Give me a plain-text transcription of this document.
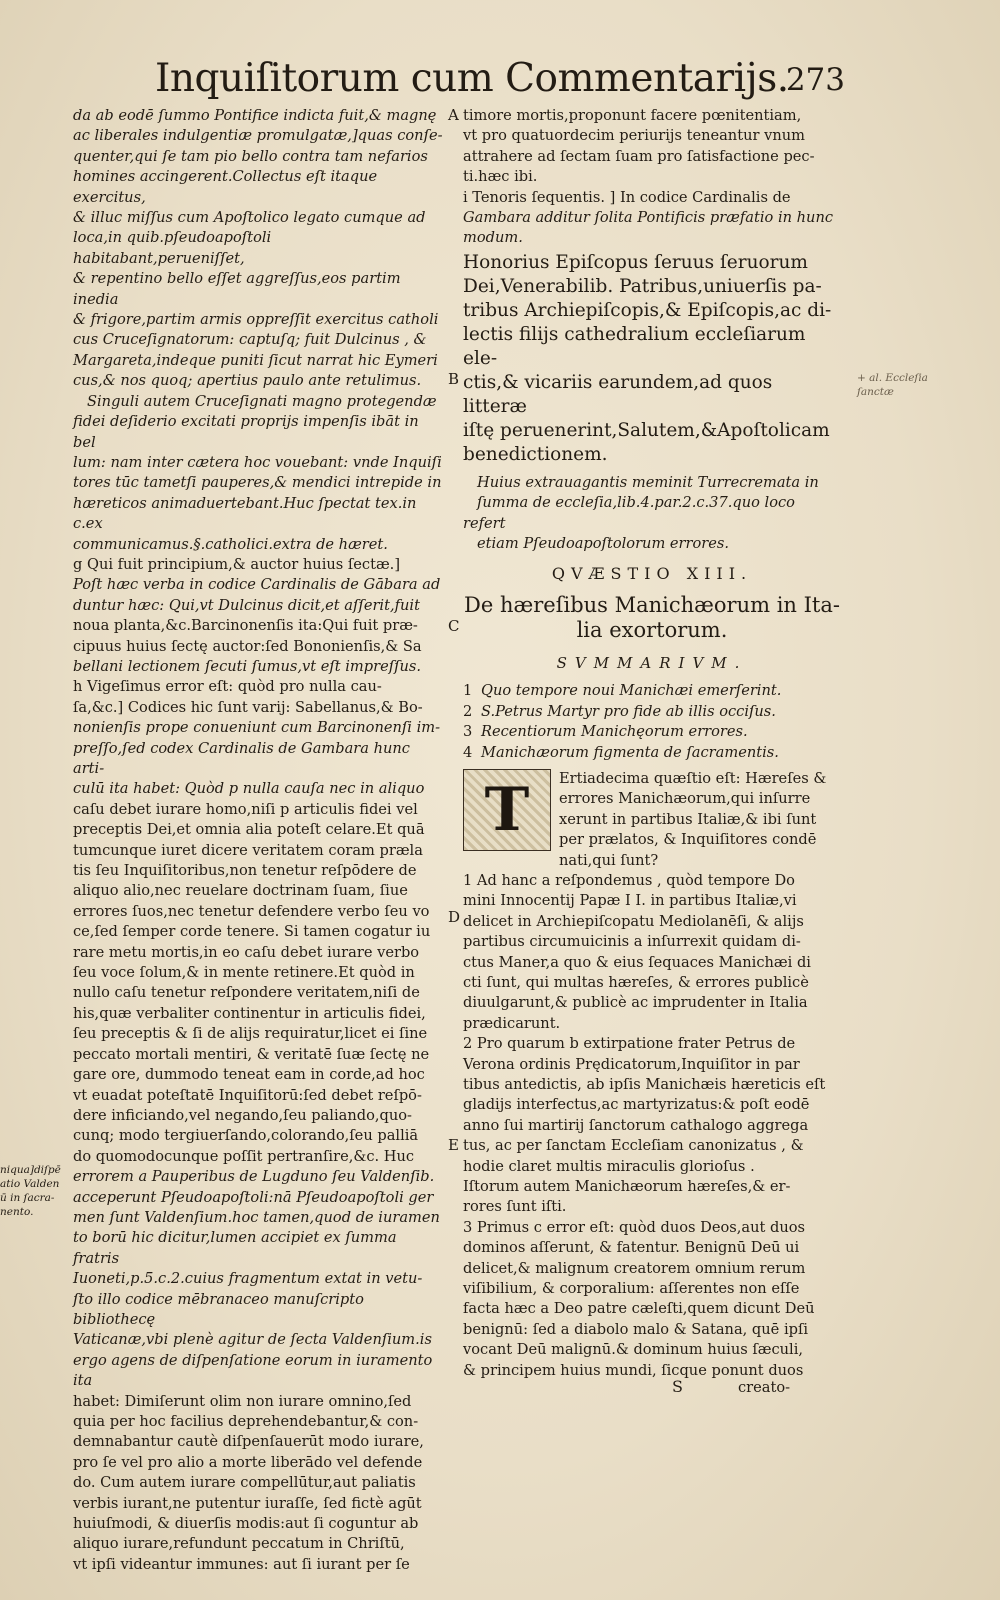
Inquiſitorum cum Commentarijs.
273

da ab eodē ſummo Pontifice indicta fuit,& magnę

ac liberales indulgentiæ promulgatæ,]quas conſe-

quenter,qui ſe tam pio bello contra tam nefarios

homines accingerent.Collectus eſt itaque exercitus,

& illuc miſſus cum Apoſtolico legato cumque ad

loca,in quib.pſeudoapoſtoli habitabant,perueniſſet,

& repentino bello eſſet aggreſſus,eos partim inedia

& frigore,partim armis oppreſſit exercitus catholi

cus Cruceſignatorum: captuſq; fuit Dulcinus , &

Margareta,indeque puniti ſicut narrat hic Eymeri

cus,& nos quoq; apertius paulo ante retulimus.

Singuli autem Cruceſignati magno protegendæ

fidei deſiderio excitati proprijs impenſis ibāt in bel

lum: nam inter cætera hoc vouebant: vnde Inquiſi

tores tūc tametſi pauperes,& mendici intrepide in

hæreticos animaduertebant.Huc ſpectat tex.in c.ex

communicamus.§.catholici.extra de hæret.

g Qui fuit principium,& auctor huius ſectæ.]

Poſt hæc verba in codice Cardinalis de Gābara ad

duntur hæc: Qui,vt Dulcinus dicit,et aſſerit,fuit

noua planta,&c.Barcinonenſis ita:Qui fuit præ-

cipuus huius ſectę auctor:ſed Bononienſis,& Sa

bellani lectionem ſecuti ſumus,vt eſt impreſſus.

h Vigeſimus error eſt: quòd pro nulla cau-

ſa,&c.] Codices hic ſunt varij: Sabellanus,& Bo-

nonienſis prope conueniunt cum Barcinonenſi im-

preſſo,ſed codex Cardinalis de Gambara hunc arti-

culū ita habet: Quòd p nulla cauſa nec in aliquo

caſu debet iurare homo,niſi p articulis fidei vel

preceptis Dei,et omnia alia poteſt celare.Et quā

tumcunque iuret dicere veritatem coram præla

tis ſeu Inquiſitoribus,non tenetur reſpōdere de

aliquo alio,nec reuelare doctrinam ſuam, ſiue

errores ſuos,nec tenetur defendere verbo ſeu vo

ce,ſed ſemper corde tenere. Si tamen cogatur iu

rare metu mortis,in eo caſu debet iurare verbo

ſeu voce ſolum,& in mente retinere.Et quòd in

nullo caſu tenetur reſpondere veritatem,niſi de

his,quæ verbaliter continentur in articulis fidei,

ſeu preceptis & ſi de alijs requiratur,licet ei ſine

peccato mortali mentiri, & veritatē ſuæ ſectę ne

gare ore, dummodo teneat eam in corde,ad hoc

vt euadat poteſtatē Inquiſitorū:ſed debet reſpō-

dere inficiando,vel negando,ſeu paliando,quo-

cunq; modo tergiuerſando,colorando,ſeu palliā

do quomodocunque poſſit pertranſire,&c. Huc

errorem a Pauperibus de Lugduno ſeu Valdenſib.

acceperunt Pſeudoapoſtoli:nā Pſeudoapoſtoli ger

men ſunt Valdenſium.hoc tamen,quod de iuramen

to borū hic dicitur,lumen accipiet ex ſumma fratris

Iuoneti,p.5.c.2.cuius fragmentum extat in vetu-

ſto illo codice mēbranaceo manuſcripto bibliothecę

Vaticanæ,vbi plenè agitur de ſecta Valdenſium.is

ergo agens de diſpenſatione eorum in iuramento ita

habet: Dimiſerunt olim non iurare omnino,ſed

quia per hoc facilius deprehendebantur,& con-

demnabantur cautè diſpenſauerūt modo iurare,

pro ſe vel pro alio a morte liberādo vel defende

do. Cum autem iurare compellūtur,aut paliatis

verbis iurant,ne putentur iuraſſe, ſed fictè agūt

huiuſmodi, & diuerſis modis:aut ſi coguntur ab

aliquo iurare,refundunt peccatum in Chriſtū,

vt ipſi videantur immunes: aut ſi iurant per ſe

timore mortis,proponunt facere pœnitentiam,

vt pro quatuordecim periurijs teneantur vnum

attrahere ad ſectam ſuam pro ſatisfactione pec-

ti.hæc ibi.

i Tenoris ſequentis. ] In codice Cardinalis de

Gambara additur ſolita Pontificis præfatio in hunc

modum.

Honorius Epiſcopus ſeruus ſeruorum

Dei,Venerabilib. Patribus,uniuerſis pa-

tribus Archiepiſcopis,& Epiſcopis,ac di-

lectis filijs cathedralium eccleſiarum ele-

ctis,& vicariis earundem,ad quos litteræ

iſtę peruenerint,Salutem,&Apoſtolicam

benedictionem.

Huius extrauagantis meminit Turrecremata in

ſumma de eccleſia,lib.4.par.2.c.37.quo loco refert

etiam Pſeudoapoſtolorum errores.

QVÆSTIO XIII.

De hæreſibus Manichæorum in Ita-
lia exortorum.

SVMMARIVM.

1 Quo tempore noui Manichæi emerſerint.

2 S.Petrus Martyr pro fide ab illis occiſus.

3 Recentiorum Manichęorum errores.

4 Manichæorum figmenta de ſacramentis.

T	Ertiadecima quæſtio eſt: Hæreſes &

errores Manichæorum,qui inſurre

xerunt in partibus Italiæ,& ibi ſunt

per prælatos, & Inquiſitores condē

nati,qui ſunt?

1 Ad hanc a reſpondemus , quòd tempore Do

mini Innocentij Papæ I I. in partibus Italiæ,vi

delicet in Archiepiſcopatu Mediolanēſi, & alijs

partibus circumuicinis a inſurrexit quidam di-

ctus Maner,a quo & eius ſequaces Manichæi di

cti ſunt, qui multas hæreſes, & errores publicè

diuulgarunt,& publicè ac imprudenter in Italia

prædicarunt.

2 Pro quarum b extirpatione frater Petrus de

Verona ordinis Prędicatorum,Inquiſitor in par

tibus antedictis, ab ipſis Manichæis hæreticis eſt

gladijs interfectus,ac martyrizatus:& poſt eodē

anno ſui martirij ſanctorum cathalogo aggrega

tus, ac per ſanctam Eccleſiam canonizatus , &

hodie claret multis miraculis glorioſus .

Iſtorum autem Manichæorum hæreſes,& er-

rores ſunt iſti.

3 Primus c error eſt: quòd duos Deos,aut duos

dominos aſſerunt, & fatentur. Benignū Deū ui

delicet,& malignum creatorem omnium rerum

viſibilium, & corporalium: aſſerentes non eſſe

facta hæc a Deo patre cæleſti,quem dicunt Deū

benignū: ſed a diabolo malo & Satana, quē ipſi

vocant Deū malignū.& dominum huius ſæculi,

& principem huius mundi, ſicque ponunt duos

A
B
C
D
E
niqua]diſpē
atio Valden
ū in ſacra-
nento.
+ al. Eccleſia
ſanctæ
S	creato-
